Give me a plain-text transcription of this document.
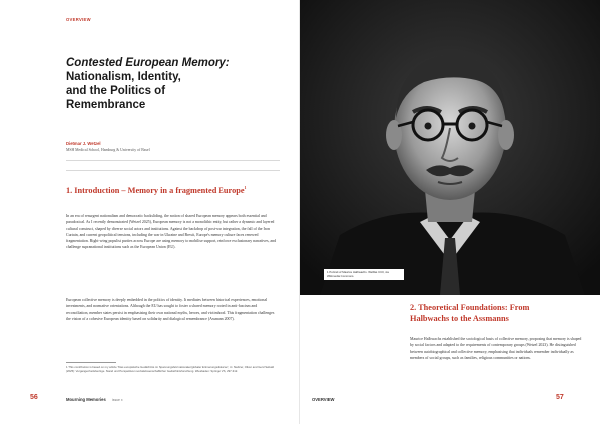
OVERVIEW
Contested European Memory:
Nationalism, Identity,
and the Politics of
Remembrance
Dietmar J. Wetzel
MSH Medical School, Hamburg & University of Basel
1. Introduction – Memory in a fragmented Europe$^1$

In an era of resurgent nationalism and democratic backsliding, the notion of shared European memory appears both essential and paradoxical. As I recently demonstrated (Wetzel 2025), European memory is not a monolithic entity, but rather a dynamic and layered cultural construct, shaped by diverse social actors and institutions. Against the backdrop of post-war integration, the fall of the Iron Curtain, and current geopolitical tensions, including the war in Ukraine and Brexit, Europe's memory culture faces renewed fragmentation. Right-wing populist parties across Europe are using memory to mobilise support, reinforce exclusionary narratives, and challenge supranational institutions such as the European Union (EU).

European collective memory is deeply embedded in the politics of identity. It mediates between historical experiences, emotional investments, and normative orientations. Although the EU has sought to foster a shared memory rooted in anti-fascism and reconciliation, member states persist in emphasising their own national myths, heroes, and victimhood. This fragmentation challenges the vision of a cohesive European identity based on solidarity and dialogical remembrance (Assmann 2007).

1 This contribution is based on my article "Das europäische Gedächtnis im Spannungsfeld nationaler/globaler Erinnerungsdiskurse", in: Steltzer, Oliver and Gerd Sebald (2025): Vergangenheitsbezüge. Stand und Perspektiven sozialwissenschaftlicher Gedächtnisforschung. Wiesbaden: Springer VS, 297-312.

56	Mourning Memories issue x
1 Portrait of Maurice Halbwachs. Wellfas CC0, via Wikimedia Commons.
2. Theoretical Foundations: From
Halbwachs to the Assmanns

Maurice Halbwachs established the sociological basis of collective memory, proposing that memory is shaped by social factors and adapted to the requirements of contemporary groups (Wetzel 2023). He distinguished between autobiographical and collective memory, emphasising that individuals remember individually as members of social groups, such as families, religious communities or nations.

OVERVIEW	57
